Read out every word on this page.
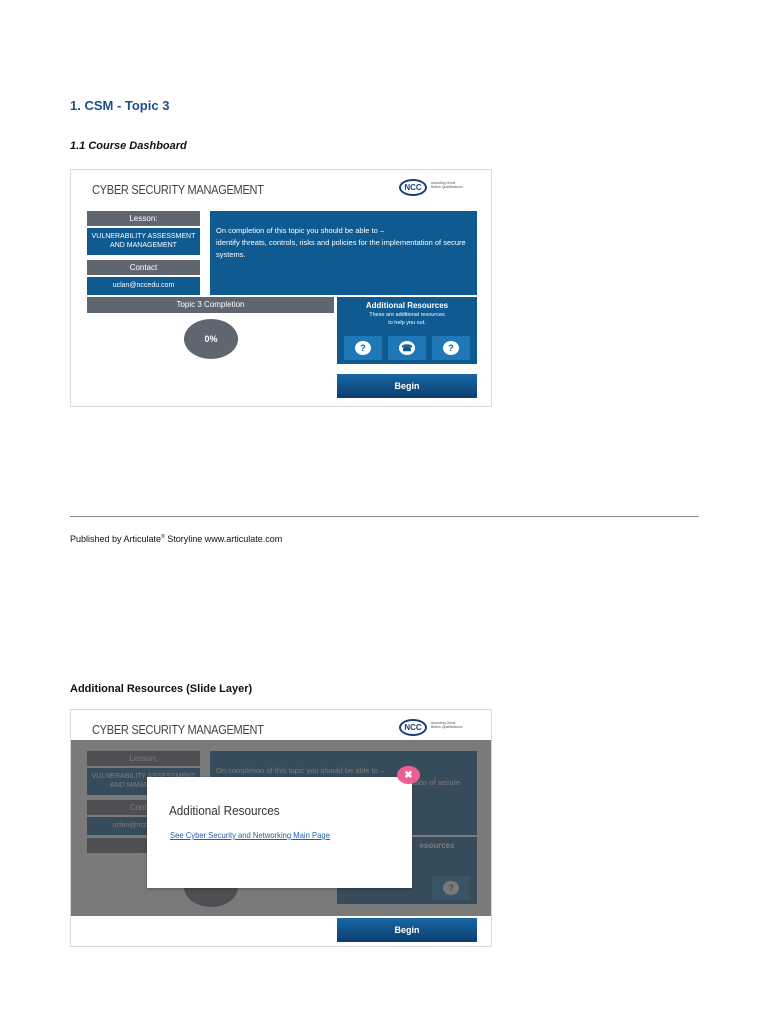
1. CSM - Topic 3
1.1 Course Dashboard
CYBER SECURITY MANAGEMENT	NCC	Awarding Great British Qualifications
Lesson:
VULNERABILITY ASSESSMENT AND MANAGEMENT
Contact
uclan@nccedu.com
On completion of this topic you should be able to –
identify threats, controls, risks and policies for the implementation of secure systems.
Topic 3 Completion
0%
Additional Resources
These are additional resources
to help you out.
?	☎	?
Begin
Published by Articulate® Storyline www.articulate.com
Additional Resources (Slide Layer)
CYBER SECURITY MANAGEMENT	NCC	Awarding Great British Qualifications
Begin
Additional Resources
See Cyber Security and Networking Main Page
✖
